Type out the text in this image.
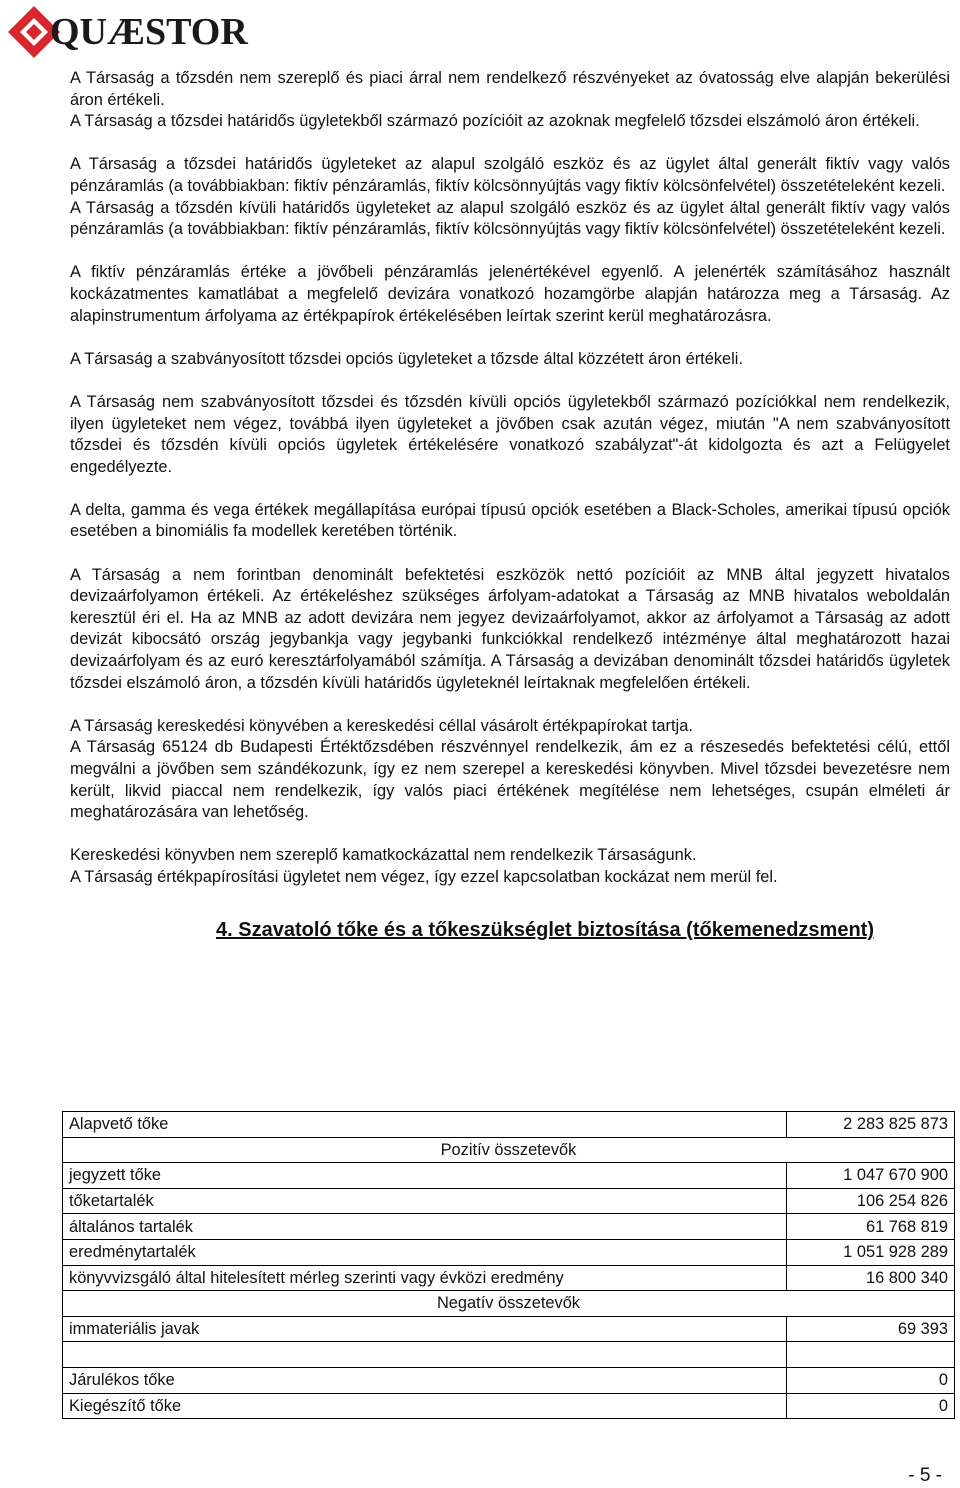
QUÆSTOR

A Társaság a tőzsdén nem szereplő és piaci árral nem rendelkező részvényeket az óvatosság elve alapján bekerülési áron értékeli.

A Társaság a tőzsdei határidős ügyletekből származó pozícióit az azoknak megfelelő tőzsdei elszámoló áron értékeli.

A Társaság a tőzsdei határidős ügyleteket az alapul szolgáló eszköz és az ügylet által generált fiktív vagy valós pénzáramlás (a továbbiakban: fiktív pénzáramlás, fiktív kölcsönnyújtás vagy fiktív kölcsönfelvétel) összetételeként kezeli.

A Társaság a tőzsdén kívüli határidős ügyleteket az alapul szolgáló eszköz és az ügylet által generált fiktív vagy valós pénzáramlás (a továbbiakban: fiktív pénzáramlás, fiktív kölcsönnyújtás vagy fiktív kölcsönfelvétel) összetételeként kezeli.

A fiktív pénzáramlás értéke a jövőbeli pénzáramlás jelenértékével egyenlő. A jelenérték számításához használt kockázatmentes kamatlábat a megfelelő devizára vonatkozó hozamgörbe alapján határozza meg a Társaság. Az alapinstrumentum árfolyama az értékpapírok értékelésében leírtak szerint kerül meghatározásra.

A Társaság a szabványosított tőzsdei opciós ügyleteket a tőzsde által közzétett áron értékeli.

A Társaság nem szabványosított tőzsdei és tőzsdén kívüli opciós ügyletekből származó pozíciókkal nem rendelkezik, ilyen ügyleteket nem végez, továbbá ilyen ügyleteket a jövőben csak azután végez, miután "A nem szabványosított tőzsdei és tőzsdén kívüli opciós ügyletek értékelésére vonatkozó szabályzat"-át kidolgozta és azt a Felügyelet engedélyezte.

A delta, gamma és vega értékek megállapítása európai típusú opciók esetében a Black-Scholes, amerikai típusú opciók esetében a binomiális fa modellek keretében történik.

A Társaság a nem forintban denominált befektetési eszközök nettó pozícióit az MNB által jegyzett hivatalos devizaárfolyamon értékeli. Az értékeléshez szükséges árfolyam-adatokat a Társaság az MNB hivatalos weboldalán keresztül éri el. Ha az MNB az adott devizára nem jegyez devizaárfolyamot, akkor az árfolyamot a Társaság az adott devizát kibocsátó ország jegybankja vagy jegybanki funkciókkal rendelkező intézménye által meghatározott hazai devizaárfolyam és az euró keresztárfolyamából számítja. A Társaság a devizában denominált tőzsdei határidős ügyletek tőzsdei elszámoló áron, a tőzsdén kívüli határidős ügyleteknél leírtaknak megfelelően értékeli.

A Társaság kereskedési könyvében a kereskedési céllal vásárolt értékpapírokat tartja.

A Társaság 65124 db Budapesti Értéktőzsdében részvénnyel rendelkezik, ám ez a részesedés befektetési célú, ettől megválni a jövőben sem szándékozunk, így ez nem szerepel a kereskedési könyvben. Mivel tőzsdei bevezetésre nem került, likvid piaccal nem rendelkezik, így valós piaci értékének megítélése nem lehetséges, csupán elméleti ár meghatározására van lehetőség.

Kereskedési könyvben nem szereplő kamatkockázattal nem rendelkezik Társaságunk.

A Társaság értékpapírosítási ügyletet nem végez, így ezzel kapcsolatban kockázat nem merül fel.

4. Szavatoló tőke és a tőkeszükséglet biztosítása (tőkemenedzsment)
Alapvető tőke	2 283 825 873
Pozitív összetevők	
jegyzett tőke	1 047 670 900
tőketartalék	106 254 826
általános tartalék	61 768 819
eredménytartalék	1 051 928 289
könyvvizsgáló által hitelesített mérleg szerinti vagy évközi eredmény	16 800 340
Negatív összetevők	
immateriális javak	69 393

Járulékos tőke	0
Kiegészítő tőke	0
- 5 -
